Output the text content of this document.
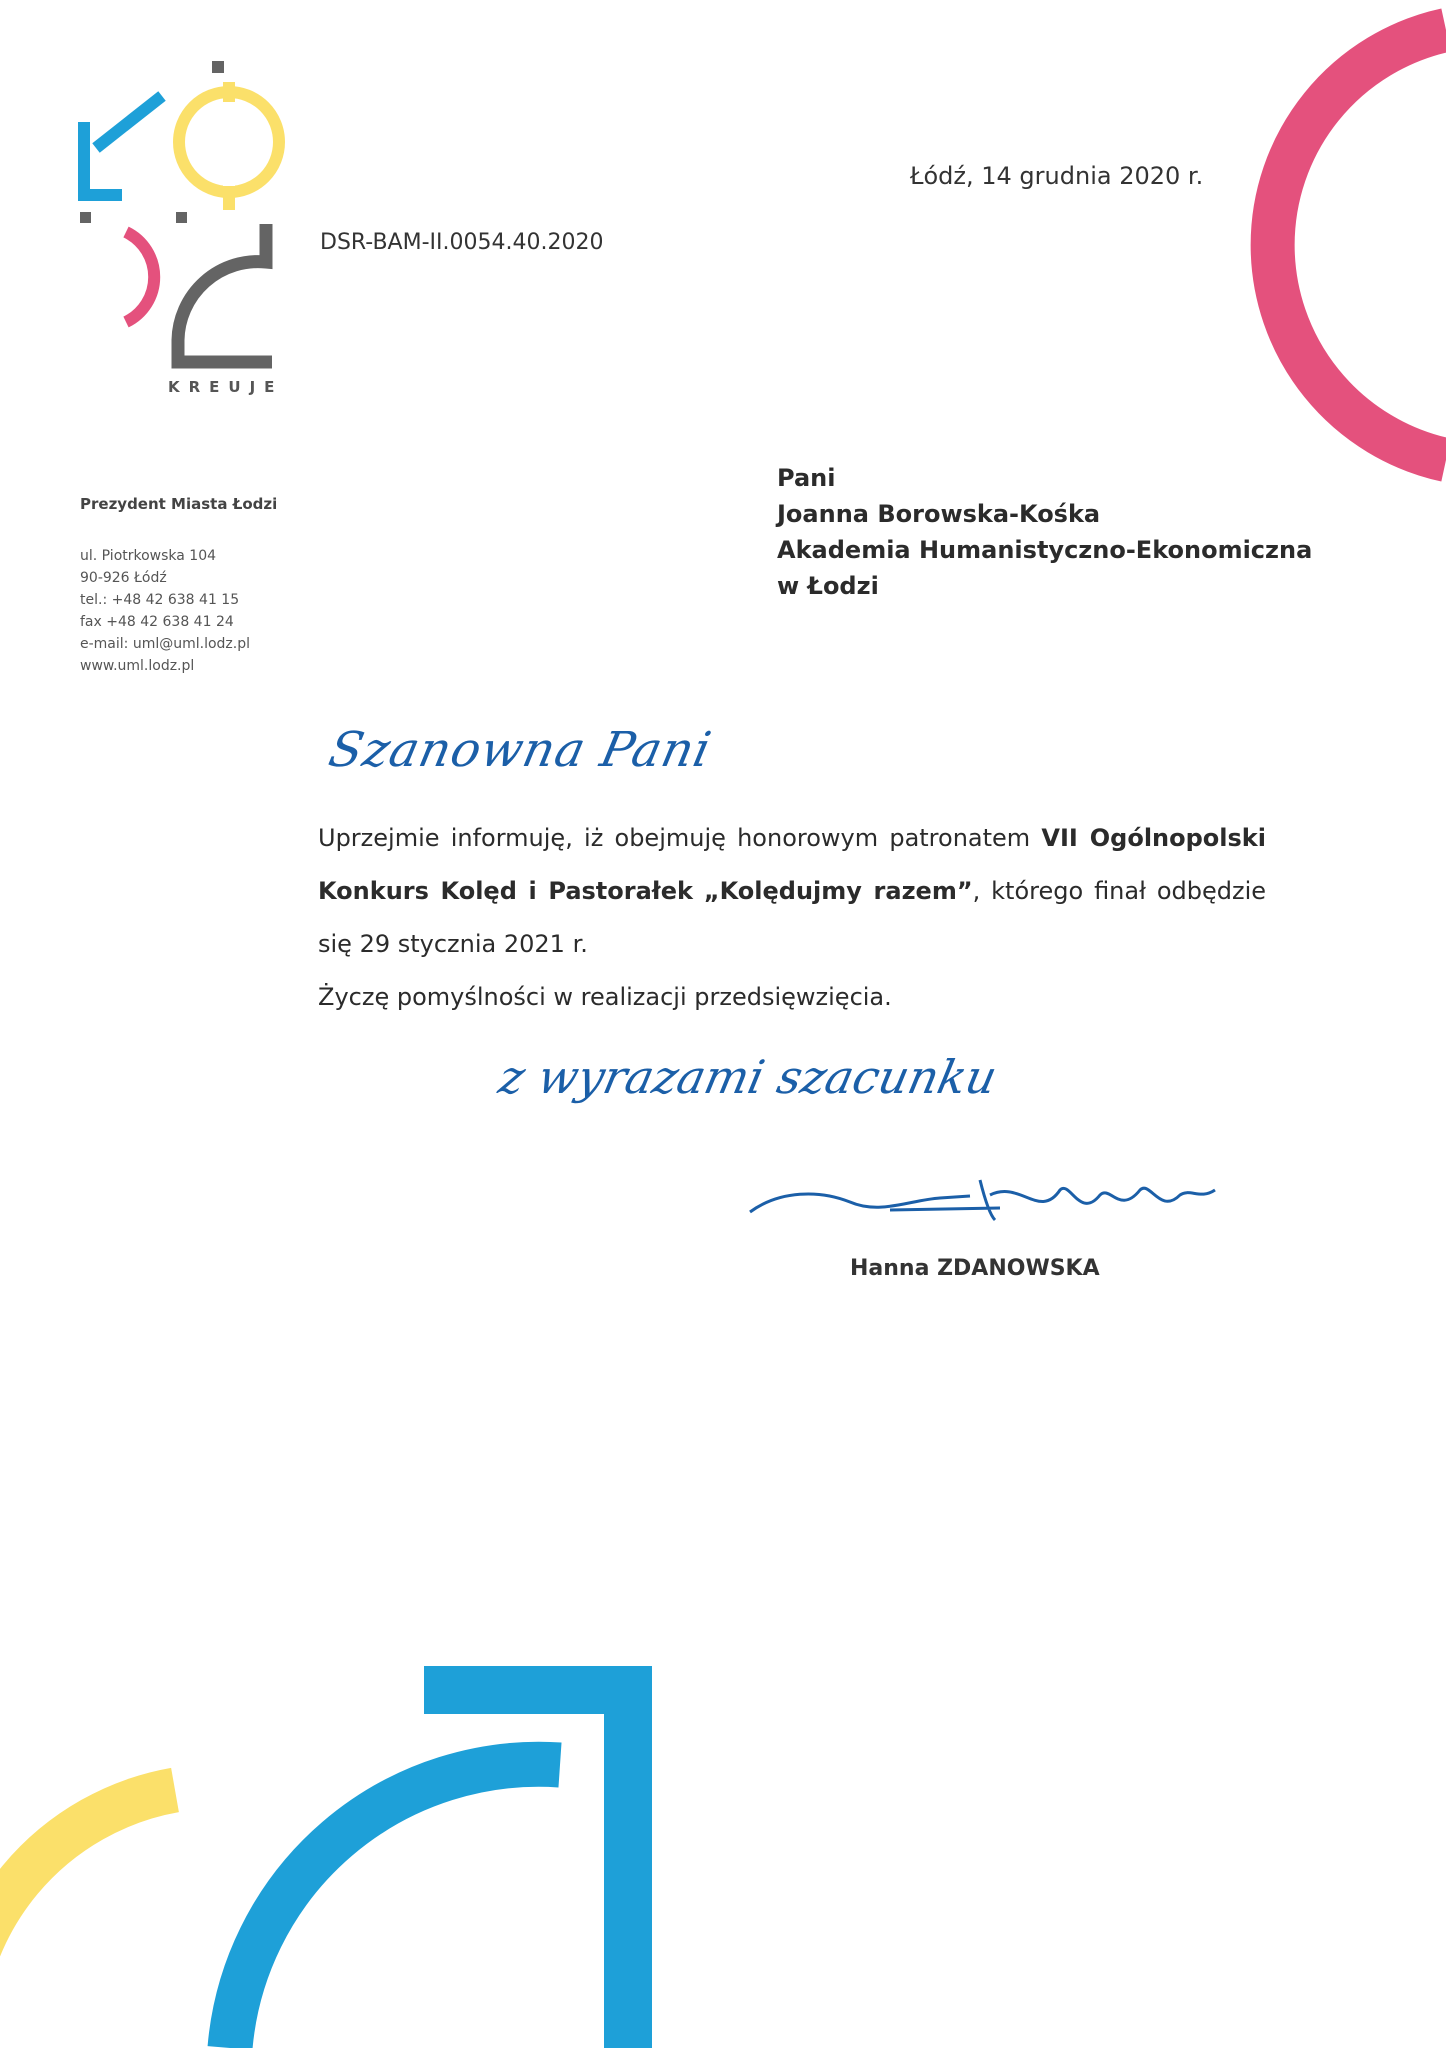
KREUJE
DSR-BAM-II.0054.40.2020
Łódź, 14 grudnia 2020 r.
Prezydent Miasta Łodzi
ul. Piotrkowska 104
90-926 Łódź
tel.: +48 42 638 41 15
fax +48 42 638 41 24
e-mail: uml@uml.lodz.pl
www.uml.lodz.pl
Pani
Joanna Borowska-Kośka
Akademia Humanistyczno-Ekonomiczna
w Łodzi
Szanowna Pani

Uprzejmie informuję, iż obejmuję honorowym patronatem VII Ogólnopolski Konkurs Kolęd i Pastorałek „Kolędujmy razem”, którego finał odbędzie się 29 stycznia 2021 r.

Życzę pomyślności w realizacji przedsięwzięcia.

z wyrazami szacunku
Hanna ZDANOWSKA
